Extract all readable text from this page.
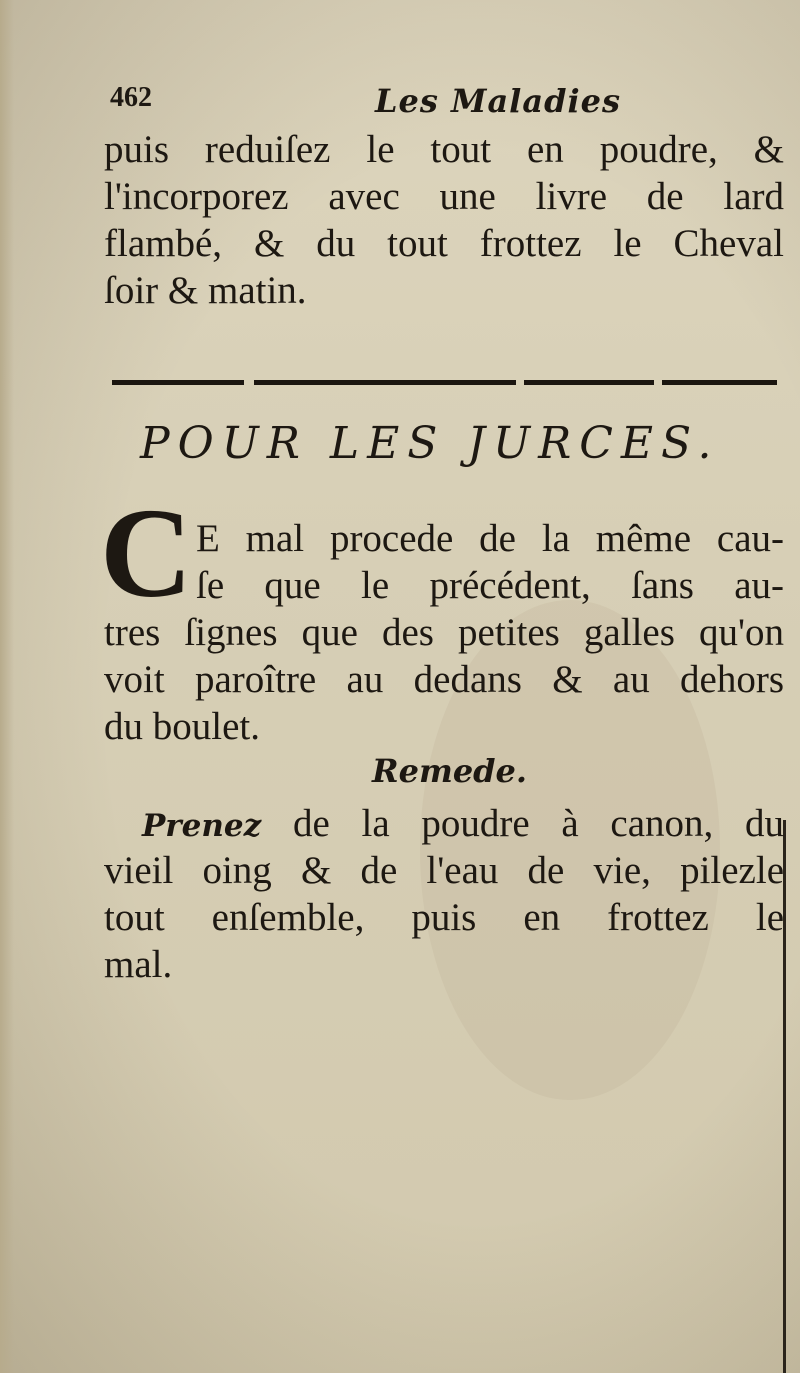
462	Les Maladies
puis reduiſez le tout en poudre, &
l'incorporez avec une livre de lard
flambé, & du tout frottez le Cheval
ſoir & matin.
POUR LES JURCES.
C E mal procede de la même cau-
ſe que le précédent, ſans au-
tres ſignes que des petites galles qu'on
voit paroître au dedans & au dehors
du boulet.
Remede.
Prenez de la poudre à canon, du
vieil oing & de l'eau de vie, pilezle
tout enſemble, puis en frottez le
mal.
